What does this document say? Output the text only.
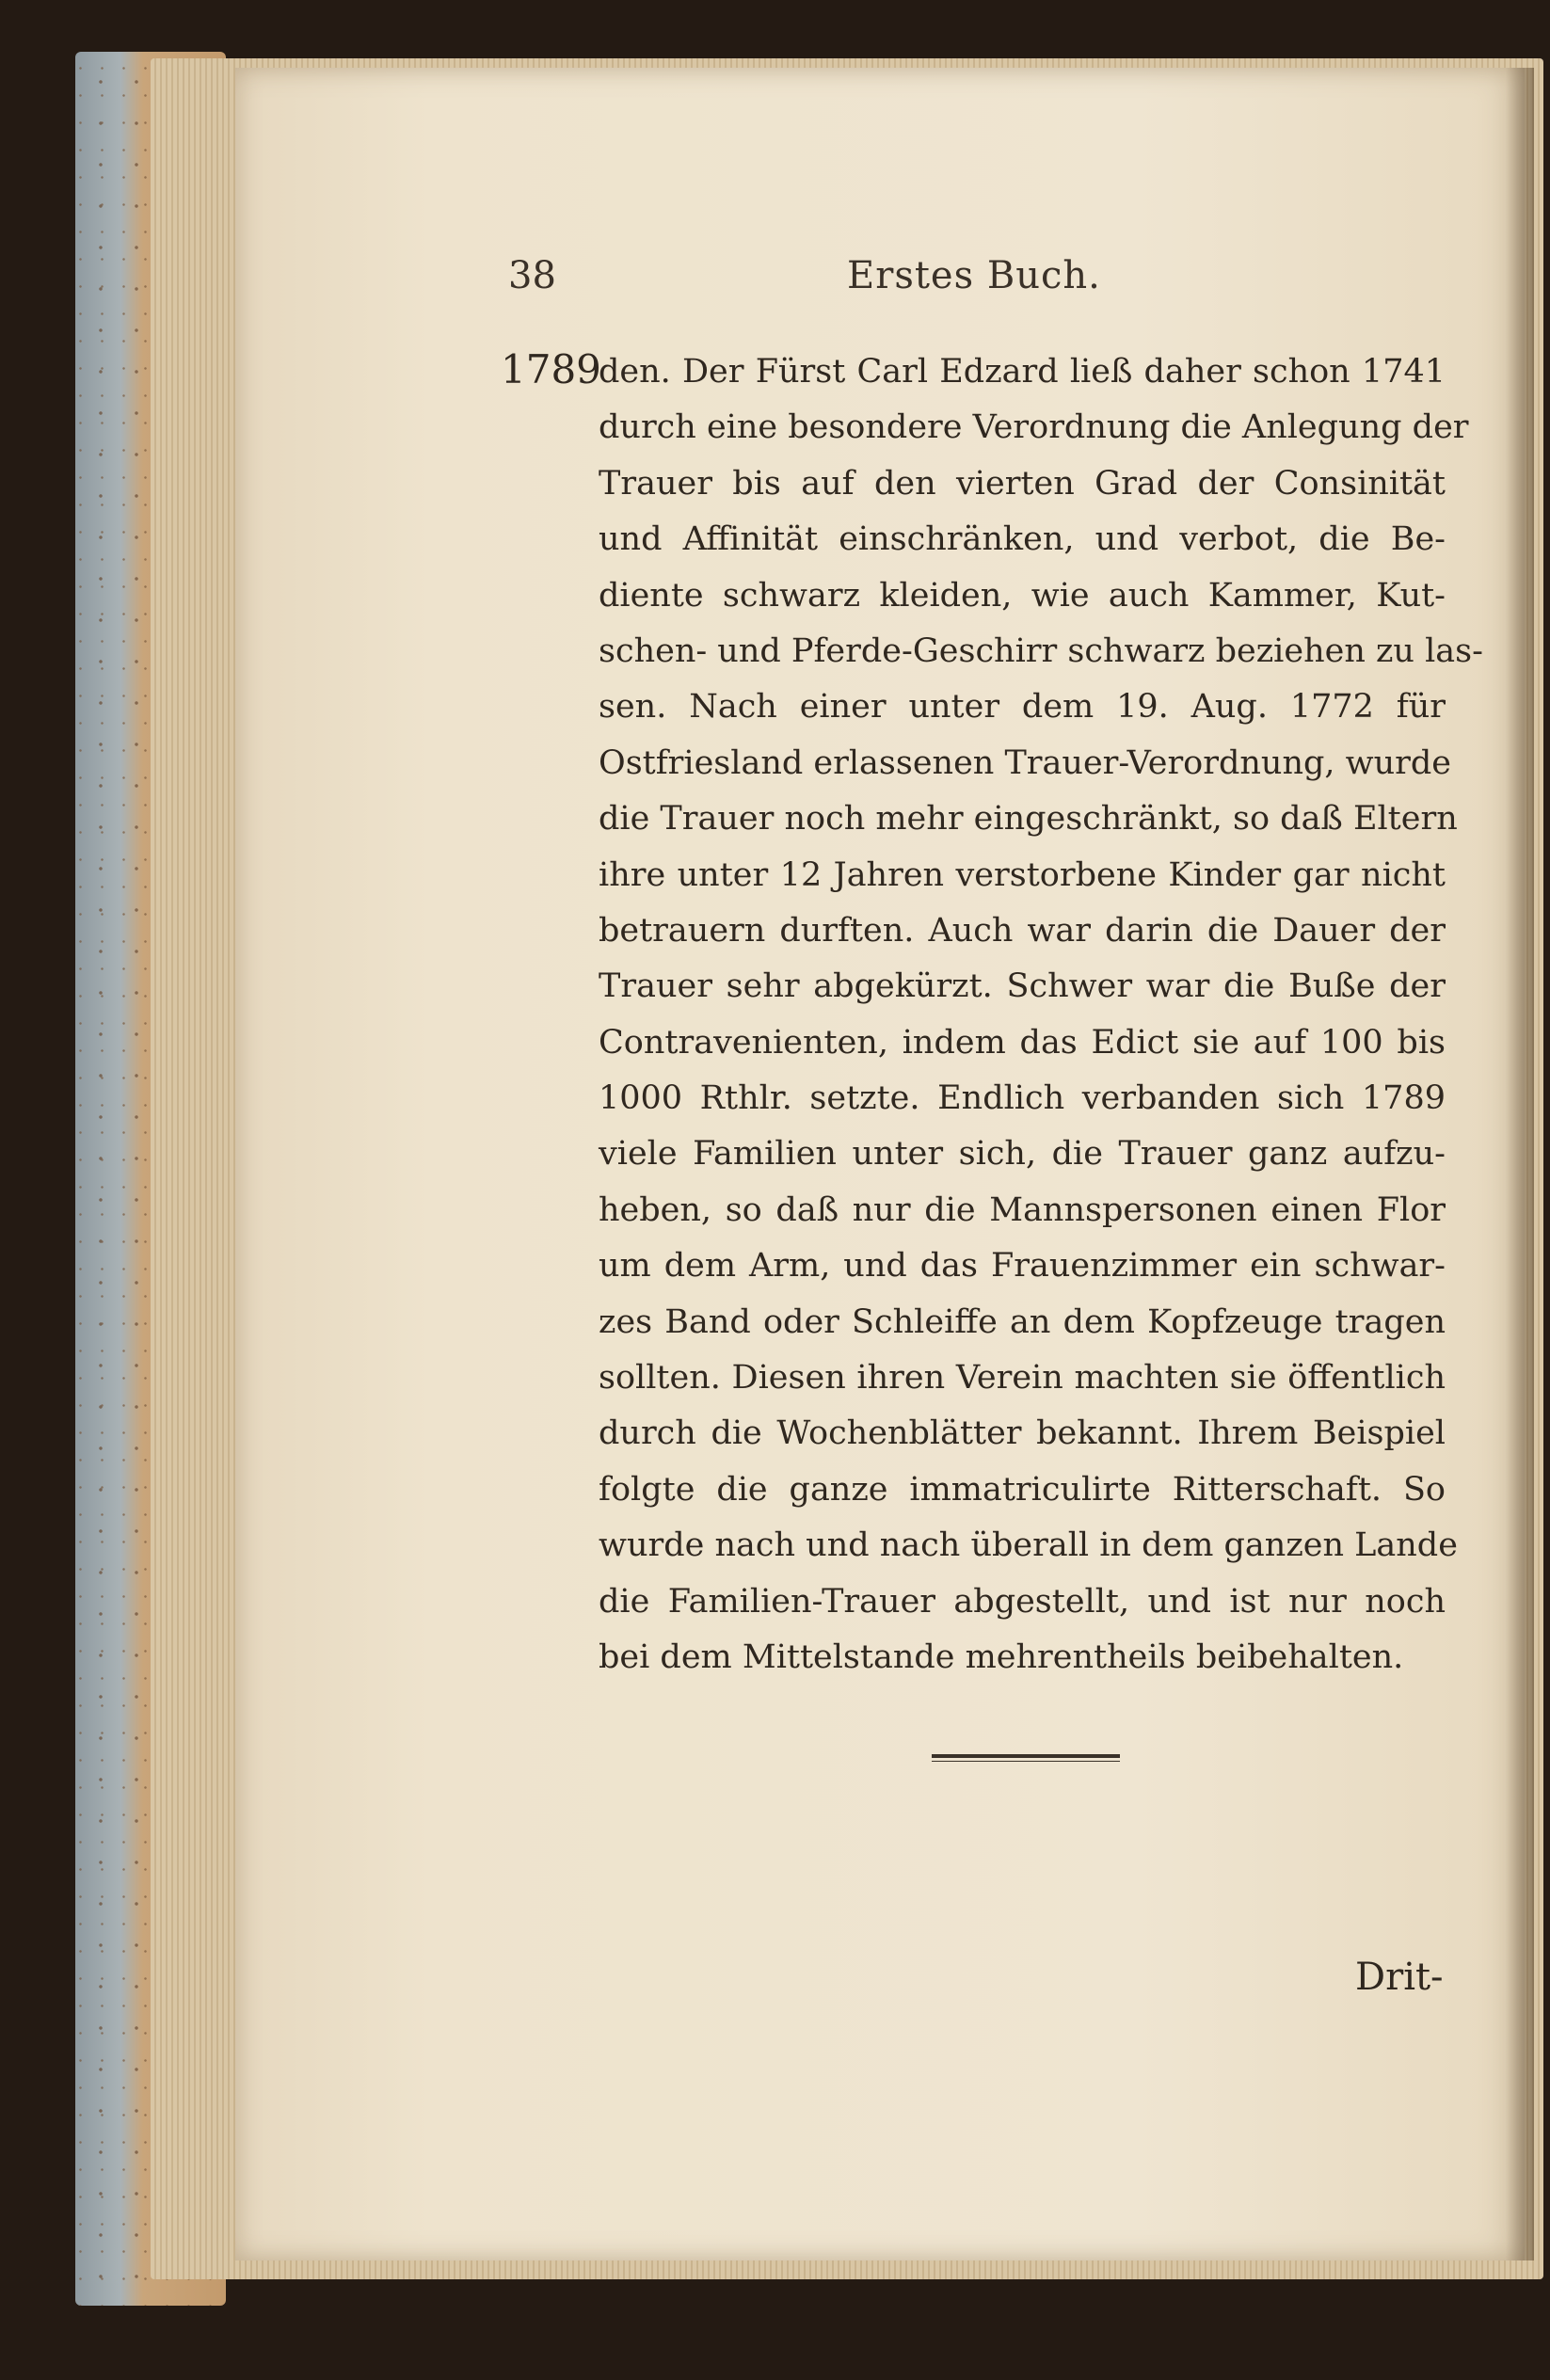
38	Erstes Buch.
1789
den. Der Fürst Carl Edzard ließ daher schon 1741
durch eine besondere Verordnung die Anlegung der
Trauer bis auf den vierten Grad der Consinität
und Affinität einschränken, und verbot, die Be-
diente schwarz kleiden, wie auch Kammer, Kut-
schen- und Pferde-Geschirr schwarz beziehen zu las-
sen. Nach einer unter dem 19. Aug. 1772 für
Ostfriesland erlassenen Trauer-Verordnung, wurde
die Trauer noch mehr eingeschränkt, so daß Eltern
ihre unter 12 Jahren verstorbene Kinder gar nicht
betrauern durften. Auch war darin die Dauer der
Trauer sehr abgekürzt. Schwer war die Buße der
Contravenienten, indem das Edict sie auf 100 bis
1000 Rthlr. setzte. Endlich verbanden sich 1789
viele Familien unter sich, die Trauer ganz aufzu-
heben, so daß nur die Mannspersonen einen Flor
um dem Arm, und das Frauenzimmer ein schwar-
zes Band oder Schleiffe an dem Kopfzeuge tragen
sollten. Diesen ihren Verein machten sie öffentlich
durch die Wochenblätter bekannt. Ihrem Beispiel
folgte die ganze immatriculirte Ritterschaft. So
wurde nach und nach überall in dem ganzen Lande
die Familien-Trauer abgestellt, und ist nur noch
bei dem Mittelstande mehrentheils beibehalten.
Drit-
